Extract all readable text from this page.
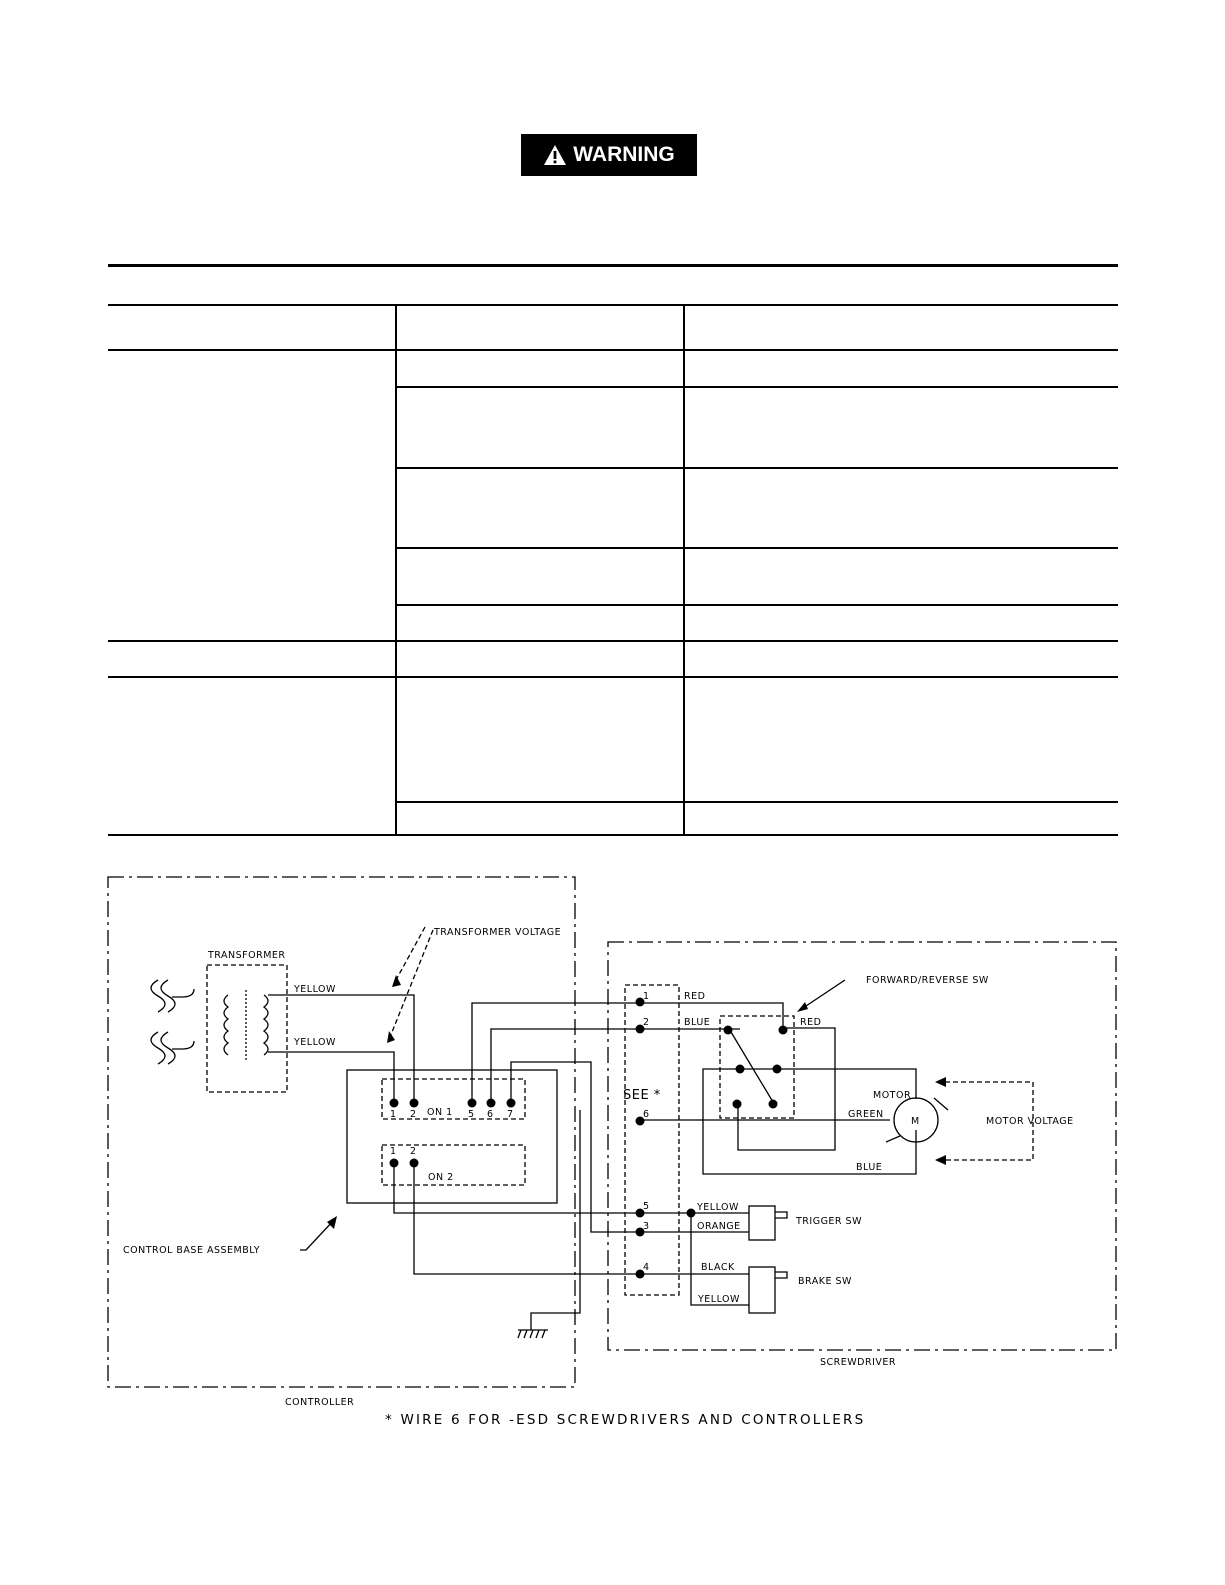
WARNING
TRANSFORMER
TRANSFORMER VOLTAGE
YELLOW
YELLOW
ON 1
ON 2
CONTROL BASE ASSEMBLY
CONTROLLER
SCREWDRIVER
FORWARD/REVERSE SW
MOTOR VOLTAGE
MOTOR
M
TRIGGER SW
BRAKE SW
SEE *
RED
BLUE	RED
GREEN
BLUE
YELLOW
ORANGE
BLACK
YELLOW
1 2	5 6 7
1 2
1
2
6
5
3
4
* WIRE 6 FOR -ESD SCREWDRIVERS AND CONTROLLERS
